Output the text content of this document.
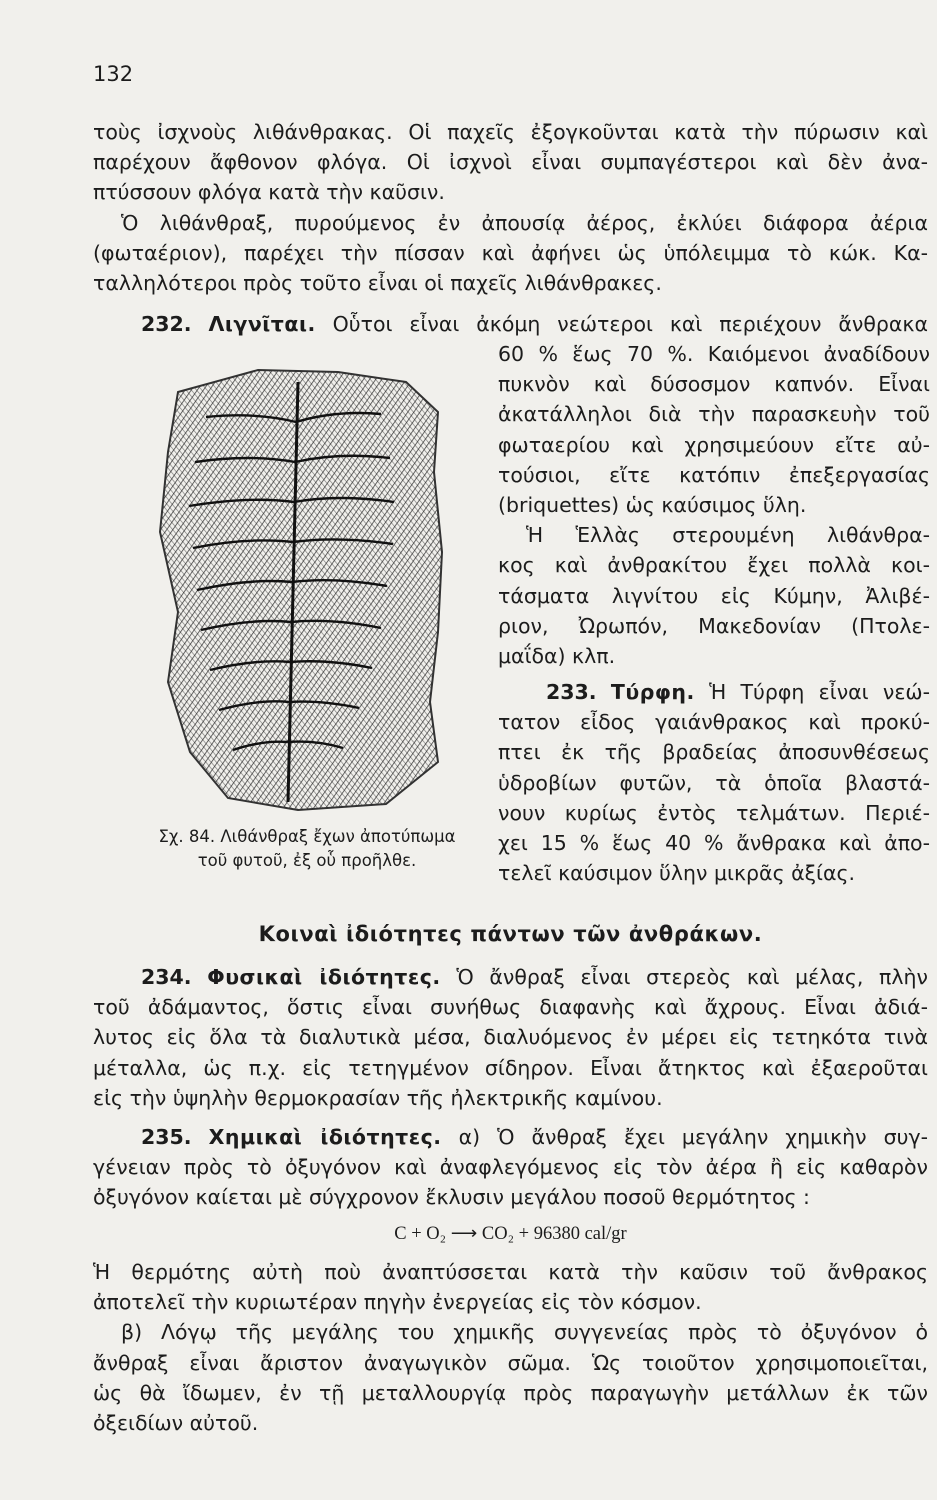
132
τοὺς ἰσχνοὺς λιθάνθρακας. Οἱ παχεῖς ἐξογκοῦνται κατὰ τὴν πύρωσιν καὶ
παρέχουν ἄφθονον φλόγα. Οἱ ἰσχνοὶ εἶναι συμπαγέστεροι καὶ δὲν ἀνα-
πτύσσουν φλόγα κατὰ τὴν καῦσιν.
Ὁ λιθάνθραξ, πυρούμενος ἐν ἀπουσίᾳ ἀέρος, ἐκλύει διάφορα ἀέρια
(φωταέριον), παρέχει τὴν πίσσαν καὶ ἀφήνει ὡς ὑπόλειμμα τὸ κώκ. Κα-
ταλληλότεροι πρὸς τοῦτο εἶναι οἱ παχεῖς λιθάνθρακες.
232. Λιγνῖται. Οὗτοι εἶναι ἀκόμη νεώτεροι καὶ περιέχουν ἄνθρακα
Σχ. 84. Λιθάνθραξ ἔχων ἀποτύπωμα
τοῦ φυτοῦ, ἐξ οὗ προῆλθε.
60 % ἕως 70 %. Καιόμενοι ἀναδίδουν
πυκνὸν καὶ δύσοσμον καπνόν. Εἶναι
ἀκατάλληλοι διὰ τὴν παρασκευὴν τοῦ
φωταερίου καὶ χρησιμεύουν εἴτε αὐ-
τούσιοι, εἴτε κατόπιν ἐπεξεργασίας
(briquettes) ὡς καύσιμος ὕλη.
Ἡ Ἑλλὰς στερουμένη λιθάνθρα-
κος καὶ ἀνθρακίτου ἔχει πολλὰ κοι-
τάσματα λιγνίτου εἰς Κύμην, Ἀλιβέ-
ριον, Ὠρωπόν, Μακεδονίαν (Πτολε-
μαΐδα) κλπ.
233. Τύρφη. Ἡ Τύρφη εἶναι νεώ-
τατον εἶδος γαιάνθρακος καὶ προκύ-
πτει ἐκ τῆς βραδείας ἀποσυνθέσεως
ὑδροβίων φυτῶν, τὰ ὁποῖα βλαστά-
νουν κυρίως ἐντὸς τελμάτων. Περιέ-
χει 15 % ἕως 40 % ἄνθρακα καὶ ἀπο-
τελεῖ καύσιμον ὕλην μικρᾶς ἀξίας.
Κοιναὶ ἰδιότητες πάντων τῶν ἀνθράκων.
234. Φυσικαὶ ἰδιότητες. Ὁ ἄνθραξ εἶναι στερεὸς καὶ μέλας, πλὴν
τοῦ ἀδάμαντος, ὅστις εἶναι συνήθως διαφανὴς καὶ ἄχρους. Εἶναι ἀδιά-
λυτος εἰς ὅλα τὰ διαλυτικὰ μέσα, διαλυόμενος ἐν μέρει εἰς τετηκότα τινὰ
μέταλλα, ὡς π.χ. εἰς τετηγμένον σίδηρον. Εἶναι ἄτηκτος καὶ ἐξαεροῦται
εἰς τὴν ὑψηλὴν θερμοκρασίαν τῆς ἠλεκτρικῆς καμίνου.
235. Χημικαὶ ἰδιότητες. α) Ὁ ἄνθραξ ἔχει μεγάλην χημικὴν συγ-
γένειαν πρὸς τὸ ὀξυγόνον καὶ ἀναφλεγόμενος εἰς τὸν ἀέρα ἢ εἰς καθαρὸν
ὀξυγόνον καίεται μὲ σύγχρονον ἔκλυσιν μεγάλου ποσοῦ θερμότητος :
C + O₂ ⟶ CO₂ + 96380 cal/gr
Ἡ θερμότης αὐτὴ ποὺ ἀναπτύσσεται κατὰ τὴν καῦσιν τοῦ ἄνθρακος
ἀποτελεῖ τὴν κυριωτέραν πηγὴν ἐνεργείας εἰς τὸν κόσμον.
β) Λόγῳ τῆς μεγάλης του χημικῆς συγγενείας πρὸς τὸ ὀξυγόνον ὁ
ἄνθραξ εἶναι ἄριστον ἀναγωγικὸν σῶμα. Ὡς τοιοῦτον χρησιμοποιεῖται,
ὡς θὰ ἴδωμεν, ἐν τῇ μεταλλουργίᾳ πρὸς παραγωγὴν μετάλλων ἐκ τῶν
ὀξειδίων αὐτοῦ.
